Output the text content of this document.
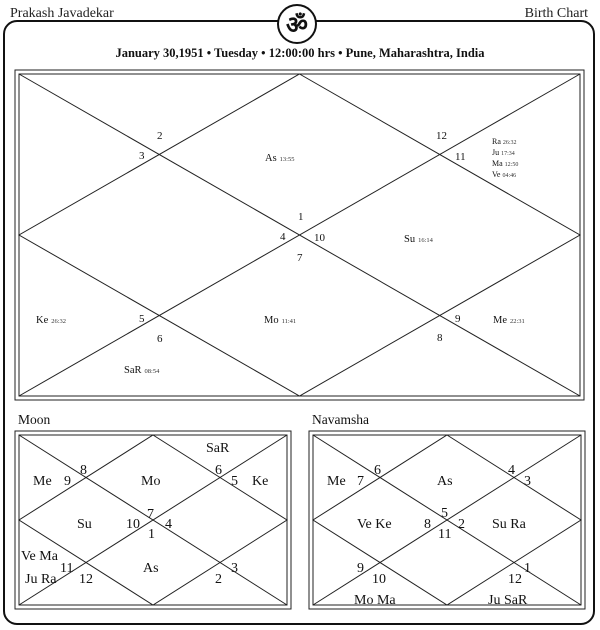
Prakash Javadekar	Birth Chart
ॐ
January 30,1951 • Tuesday • 12:00:00 hrs • Pune, Maharashtra, India
Moon	Navamsha
1
2
3
4
5
6
7
8
9
10
11
12
As 13:55
Ra 26:32
Ju 17:34
Ma 12:50
Ve 04:46
Su 16:14
Ke 26:32	Mo 11:41	Me 22:31
SaR 08:54
10
9
8
7
6
5
4
3
2
1
12
11
SaR
Me	Mo	Ke
Su
Ve Ma
Ju Ra
As
5
4
3
2
1
12
11
10
9
8
7
6
Me	As
Ve Ke	Su Ra
Mo Ma	Ju SaR
